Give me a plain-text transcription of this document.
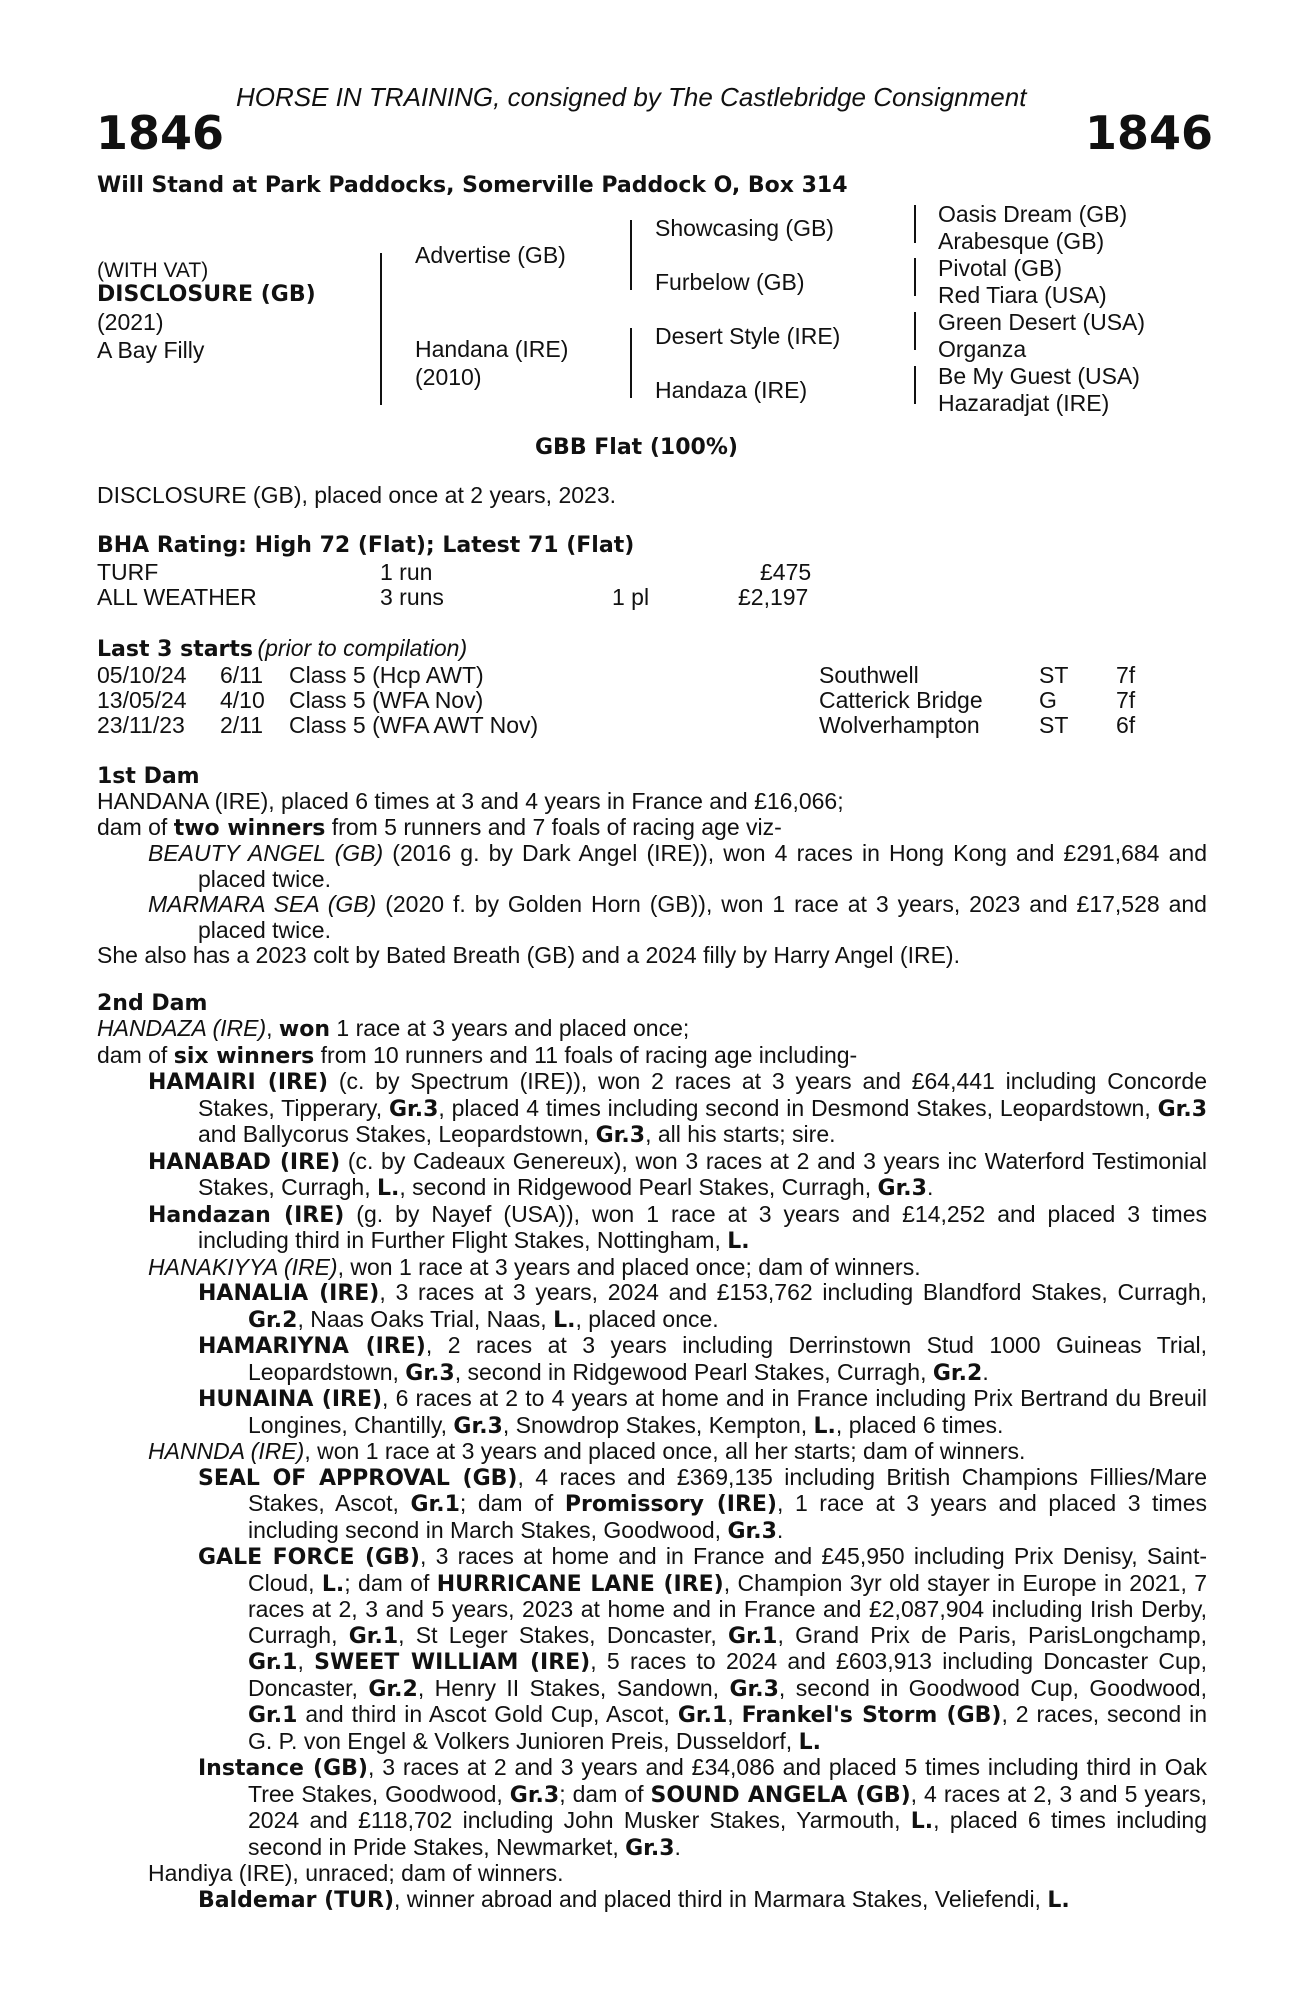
HORSE IN TRAINING, consigned by The Castlebridge Consignment
1846	1846
Will Stand at Park Paddocks, Somerville Paddock O, Box 314
(WITH VAT)
DISCLOSURE (GB)
(2021)
A Bay Filly
Advertise (GB)
Handana (IRE)
(2010)
Showcasing (GB)
Furbelow (GB)
Desert Style (IRE)
Handaza (IRE)
Oasis Dream (GB)
Arabesque (GB)
Pivotal (GB)
Red Tiara (USA)
Green Desert (USA)
Organza
Be My Guest (USA)
Hazaradjat (IRE)
GBB Flat (100%)
DISCLOSURE (GB), placed once at 2 years, 2023.
BHA Rating: High 72 (Flat); Latest 71 (Flat)
TURF	1 run	£475
ALL WEATHER	3 runs	1 pl	£2,197
Last 3 starts (prior to compilation)
05/10/24 6/11 Class 5 (Hcp AWT)	Southwell	ST 7f
13/05/24 4/10 Class 5 (WFA Nov)	Catterick Bridge G	7f
23/11/23 2/11 Class 5 (WFA AWT Nov)	Wolverhampton	ST 6f
1st Dam
HANDANA (IRE), placed 6 times at 3 and 4 years in France and £16,066;
dam of two winners from 5 runners and 7 foals of racing age viz-
BEAUTY ANGEL (GB) (2016 g. by Dark Angel (IRE)), won 4 races in Hong Kong and £291,684 and placed twice.
MARMARA SEA (GB) (2020 f. by Golden Horn (GB)), won 1 race at 3 years, 2023 and £17,528 and placed twice.
She also has a 2023 colt by Bated Breath (GB) and a 2024 filly by Harry Angel (IRE).
2nd Dam
HANDAZA (IRE), won 1 race at 3 years and placed once;
dam of six winners from 10 runners and 11 foals of racing age including-
HAMAIRI (IRE) (c. by Spectrum (IRE)), won 2 races at 3 years and £64,441 including Concorde Stakes, Tipperary, Gr.3, placed 4 times including second in Desmond Stakes, Leopardstown, Gr.3 and Ballycorus Stakes, Leopardstown, Gr.3, all his starts; sire.
HANABAD (IRE) (c. by Cadeaux Genereux), won 3 races at 2 and 3 years inc Waterford Testimonial Stakes, Curragh, L., second in Ridgewood Pearl Stakes, Curragh, Gr.3.
Handazan (IRE) (g. by Nayef (USA)), won 1 race at 3 years and £14,252 and placed 3 times including third in Further Flight Stakes, Nottingham, L.
HANAKIYYA (IRE), won 1 race at 3 years and placed once; dam of winners.
HANALIA (IRE), 3 races at 3 years, 2024 and £153,762 including Blandford Stakes, Curragh, Gr.2, Naas Oaks Trial, Naas, L., placed once.
HAMARIYNA (IRE), 2 races at 3 years including Derrinstown Stud 1000 Guineas Trial, Leopardstown, Gr.3, second in Ridgewood Pearl Stakes, Curragh, Gr.2.
HUNAINA (IRE), 6 races at 2 to 4 years at home and in France including Prix Bertrand du Breuil Longines, Chantilly, Gr.3, Snowdrop Stakes, Kempton, L., placed 6 times.
HANNDA (IRE), won 1 race at 3 years and placed once, all her starts; dam of winners.
SEAL OF APPROVAL (GB), 4 races and £369,135 including British Champions Fillies/Mare Stakes, Ascot, Gr.1; dam of Promissory (IRE), 1 race at 3 years and placed 3 times including second in March Stakes, Goodwood, Gr.3.
GALE FORCE (GB), 3 races at home and in France and £45,950 including Prix Denisy, Saint-Cloud, L.; dam of HURRICANE LANE (IRE), Champion 3yr old stayer in Europe in 2021, 7 races at 2, 3 and 5 years, 2023 at home and in France and £2,087,904 including Irish Derby, Curragh, Gr.1, St Leger Stakes, Doncaster, Gr.1, Grand Prix de Paris, ParisLongchamp, Gr.1, SWEET WILLIAM (IRE), 5 races to 2024 and £603,913 including Doncaster Cup, Doncaster, Gr.2, Henry II Stakes, Sandown, Gr.3, second in Goodwood Cup, Goodwood, Gr.1 and third in Ascot Gold Cup, Ascot, Gr.1, Frankel's Storm (GB), 2 races, second in G. P. von Engel & Volkers Junioren Preis, Dusseldorf, L.
Instance (GB), 3 races at 2 and 3 years and £34,086 and placed 5 times including third in Oak Tree Stakes, Goodwood, Gr.3; dam of SOUND ANGELA (GB), 4 races at 2, 3 and 5 years, 2024 and £118,702 including John Musker Stakes, Yarmouth, L., placed 6 times including second in Pride Stakes, Newmarket, Gr.3.
Handiya (IRE), unraced; dam of winners.
Baldemar (TUR), winner abroad and placed third in Marmara Stakes, Veliefendi, L.
